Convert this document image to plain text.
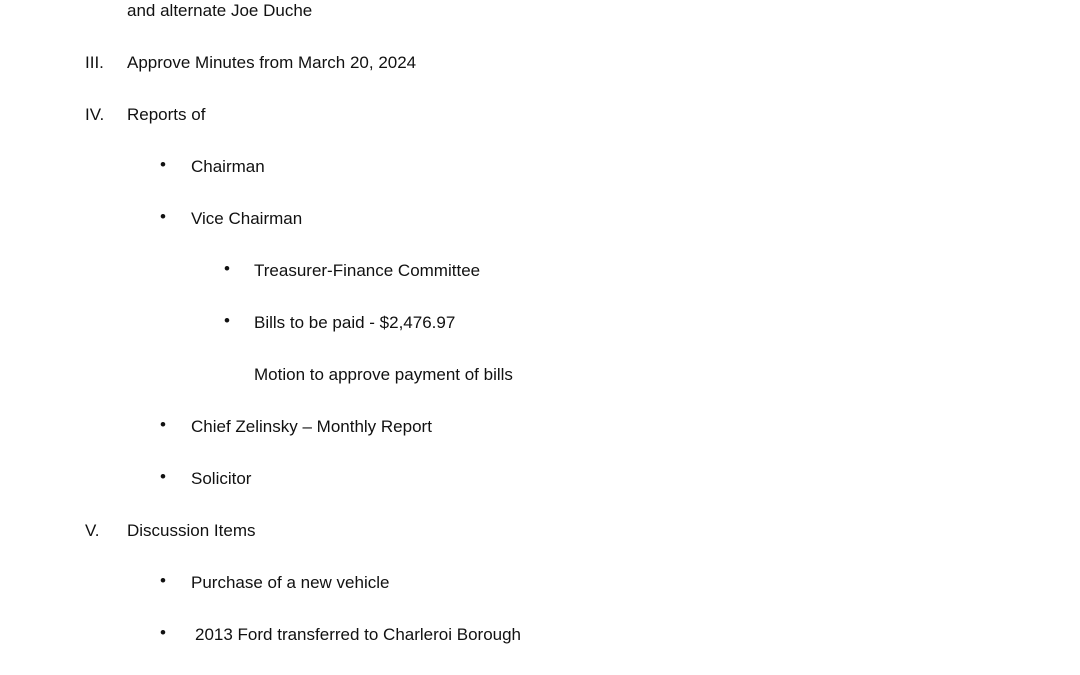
and alternate Joe Duche
III. Approve Minutes from March 20, 2024
IV. Reports of
• Chairman
• Vice Chairman
• Treasurer-Finance Committee
• Bills to be paid - $2,476.97
Motion to approve payment of bills
• Chief Zelinsky – Monthly Report
• Solicitor
V. Discussion Items
• Purchase of a new vehicle
• 2013 Ford transferred to Charleroi Borough
